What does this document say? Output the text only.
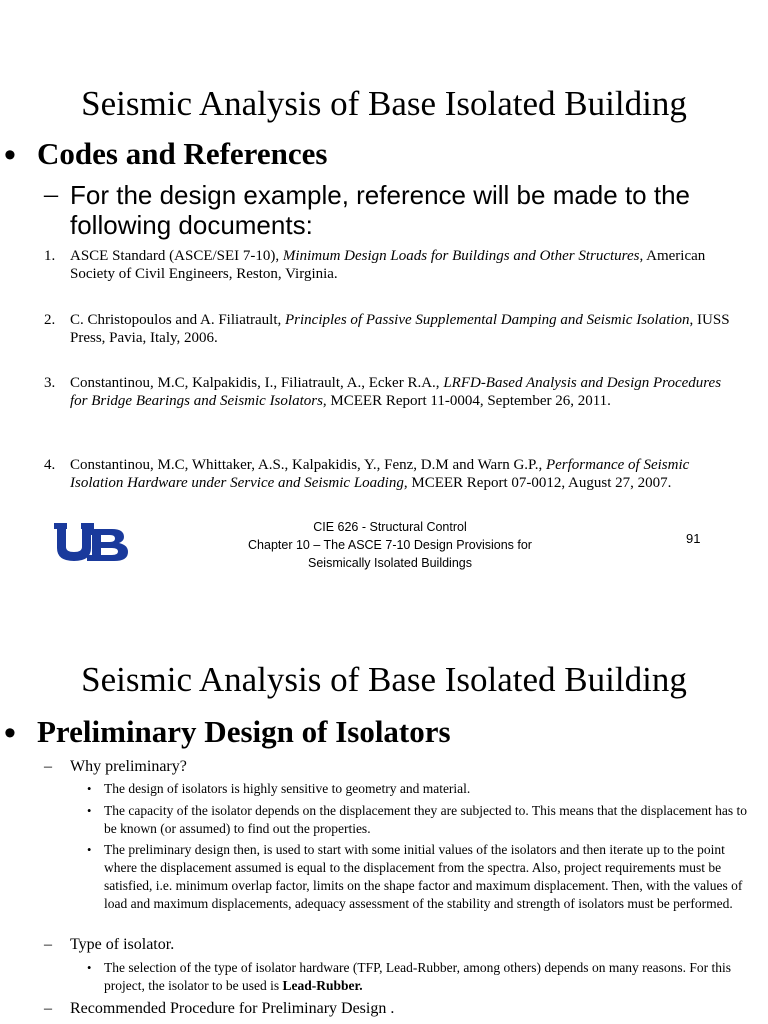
Seismic Analysis of Base Isolated Building
• Codes and References
– For the design example, reference will be made to the following documents:
1. ASCE Standard (ASCE/SEI 7-10), Minimum Design Loads for Buildings and Other Structures, American Society of Civil Engineers, Reston, Virginia.
2. C. Christopoulos and A. Filiatrault, Principles of Passive Supplemental Damping and Seismic Isolation, IUSS Press, Pavia, Italy, 2006.
3. Constantinou, M.C, Kalpakidis, I., Filiatrault, A., Ecker R.A., LRFD-Based Analysis and Design Procedures for Bridge Bearings and Seismic Isolators, MCEER Report 11-0004, September 26, 2011.
4. Constantinou, M.C, Whittaker, A.S., Kalpakidis, Y., Fenz, D.M and Warn G.P., Performance of Seismic Isolation Hardware under Service and Seismic Loading, MCEER Report 07-0012, August 27, 2007.
CIE 626 - Structural Control
Chapter 10 – The ASCE 7-10 Design Provisions for
Seismically Isolated Buildings
91
Seismic Analysis of Base Isolated Building
• Preliminary Design of Isolators
– Why preliminary?
• The design of isolators is highly sensitive to geometry and material.
• The capacity of the isolator depends on the displacement they are subjected to. This means that the displacement has to be known (or assumed) to find out the properties.
• The preliminary design then, is used to start with some initial values of the isolators and then iterate up to the point where the displacement assumed is equal to the displacement from the spectra. Also, project requirements must be satisfied, i.e. minimum overlap factor, limits on the shape factor and maximum displacement. Then, with the values of load and maximum displacements, adequacy assessment of the stability and strength of isolators must be performed.
– Type of isolator.
• The selection of the type of isolator hardware (TFP, Lead-Rubber, among others) depends on many reasons. For this project, the isolator to be used is Lead-Rubber.
– Recommended Procedure for Preliminary Design .
